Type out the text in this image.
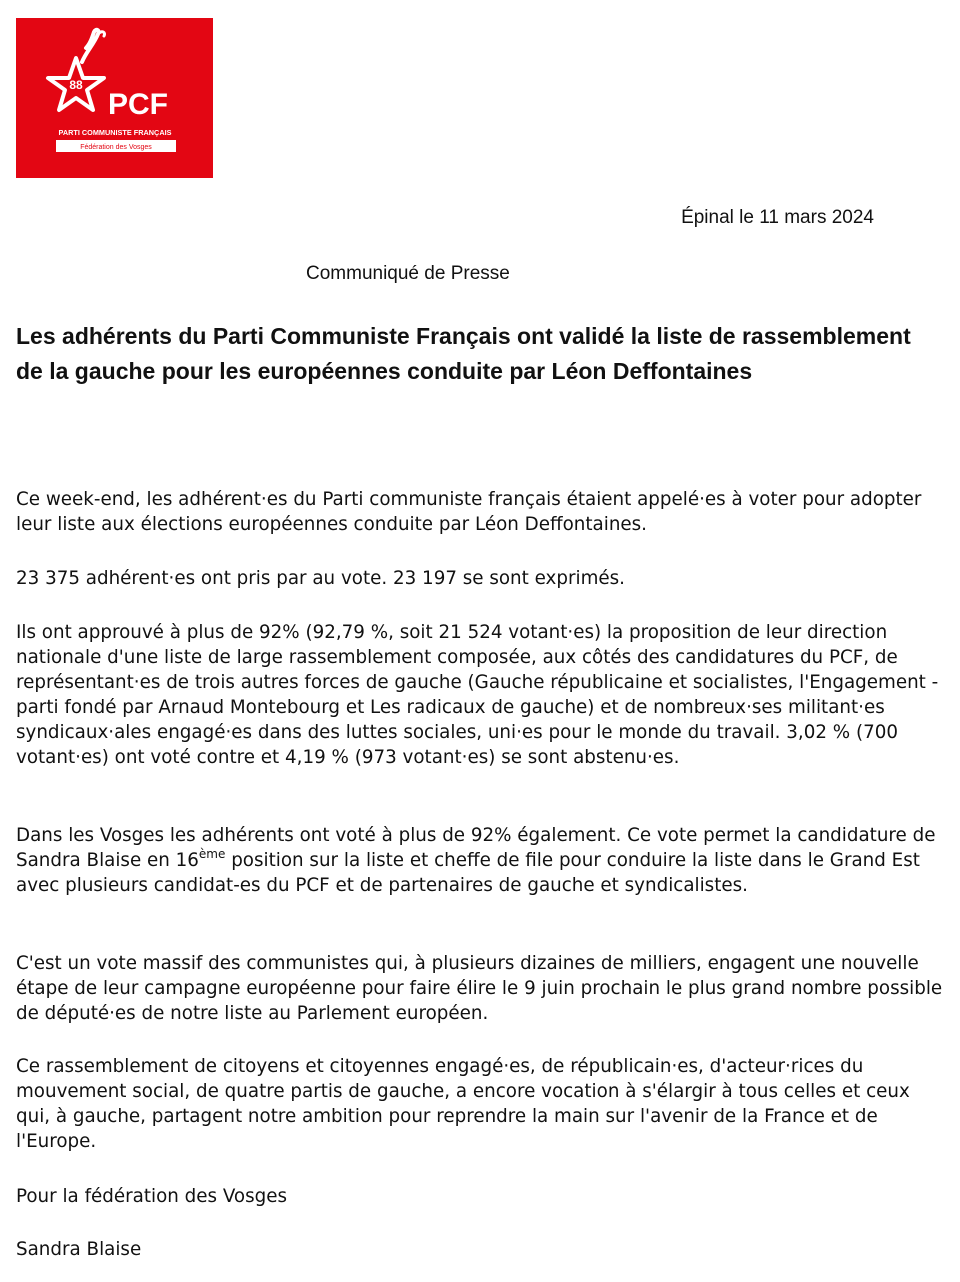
88
PCF
PARTI COMMUNISTE FRANÇAIS
Fédération des Vosges
Épinal le 11 mars 2024
Communiqué de Presse
Les adhérents du Parti Communiste Français ont validé la liste de rassemblement de la gauche pour les européennes conduite par Léon Deffontaines

Ce week-end, les adhérent·es du Parti communiste français étaient appelé·es à voter pour adopter leur liste aux élections européennes conduite par Léon Deffontaines.

23 375 adhérent·es ont pris par au vote. 23 197 se sont exprimés.

Ils ont approuvé à plus de 92% (92,79 %, soit 21 524 votant·es) la proposition de leur direction nationale d'une liste de large rassemblement composée, aux côtés des candidatures du PCF, de représentant·es de trois autres forces de gauche (Gauche républicaine et socialistes, l'Engagement - parti fondé par Arnaud Montebourg et Les radicaux de gauche) et de nombreux·ses militant·es syndicaux·ales engagé·es dans des luttes sociales, uni·es pour le monde du travail. 3,02 % (700 votant·es) ont voté contre et 4,19 % (973 votant·es) se sont abstenu·es.

Dans les Vosges les adhérents ont voté à plus de 92% également. Ce vote permet la candidature de Sandra Blaise en 16ème position sur la liste et cheffe de file pour conduire la liste dans le Grand Est avec plusieurs candidat-es du PCF et de partenaires de gauche et syndicalistes.

C'est un vote massif des communistes qui, à plusieurs dizaines de milliers, engagent une nouvelle étape de leur campagne européenne pour faire élire le 9 juin prochain le plus grand nombre possible de député·es de notre liste au Parlement européen.

Ce rassemblement de citoyens et citoyennes engagé·es, de républicain·es, d'acteur·rices du mouvement social, de quatre partis de gauche, a encore vocation à s'élargir à tous celles et ceux qui, à gauche, partagent notre ambition pour reprendre la main sur l'avenir de la France et de l'Europe.

Pour la fédération des Vosges

Sandra Blaise
